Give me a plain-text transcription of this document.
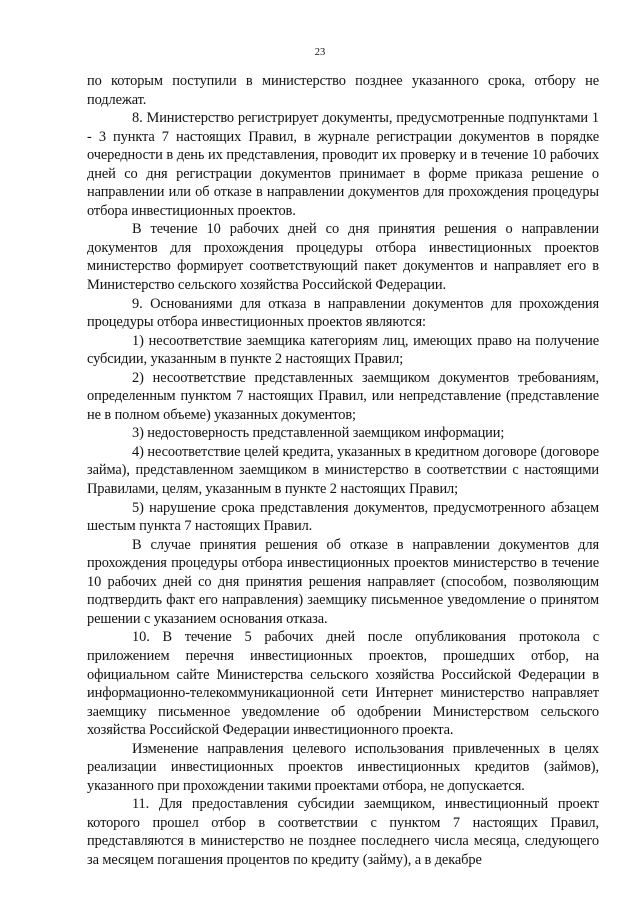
23

по которым поступили в министерство позднее указанного срока, отбору не подлежат.

8. Министерство регистрирует документы, предусмотренные подпунктами 1 - 3 пункта 7 настоящих Правил, в журнале регистрации документов в порядке очередности в день их представления, проводит их проверку и в течение 10 рабочих дней со дня регистрации документов принимает в форме приказа решение о направлении или об отказе в направлении документов для прохождения процедуры отбора инвестиционных проектов.

В течение 10 рабочих дней со дня принятия решения о направлении документов для прохождения процедуры отбора инвестиционных проектов министерство формирует соответствующий пакет документов и направляет его в Министерство сельского хозяйства Российской Федерации.

9. Основаниями для отказа в направлении документов для прохождения процедуры отбора инвестиционных проектов являются:

1) несоответствие заемщика категориям лиц, имеющих право на получение субсидии, указанным в пункте 2 настоящих Правил;

2) несоответствие представленных заемщиком документов требованиям, определенным пунктом 7 настоящих Правил, или непредставление (представление не в полном объеме) указанных документов;

3) недостоверность представленной заемщиком информации;

4) несоответствие целей кредита, указанных в кредитном договоре (договоре займа), представленном заемщиком в министерство в соответствии с настоящими Правилами, целям, указанным в пункте 2 настоящих Правил;

5) нарушение срока представления документов, предусмотренного абзацем шестым пункта 7 настоящих Правил.

В случае принятия решения об отказе в направлении документов для прохождения процедуры отбора инвестиционных проектов министерство в течение 10 рабочих дней со дня принятия решения направляет (способом, позволяющим подтвердить факт его направления) заемщику письменное уведомление о принятом решении с указанием основания отказа.

10. В течение 5 рабочих дней после опубликования протокола с приложением перечня инвестиционных проектов, прошедших отбор, на официальном сайте Министерства сельского хозяйства Российской Федерации в информационно-телекоммуникационной сети Интернет министерство направляет заемщику письменное уведомление об одобрении Министерством сельского хозяйства Российской Федерации инвестиционного проекта.

Изменение направления целевого использования привлеченных в целях реализации инвестиционных проектов инвестиционных кредитов (займов), указанного при прохождении такими проектами отбора, не допускается.

11. Для предоставления субсидии заемщиком, инвестиционный проект которого прошел отбор в соответствии с пунктом 7 настоящих Правил, представляются в министерство не позднее последнего числа месяца, следующего за месяцем погашения процентов по кредиту (займу), а в декабре
